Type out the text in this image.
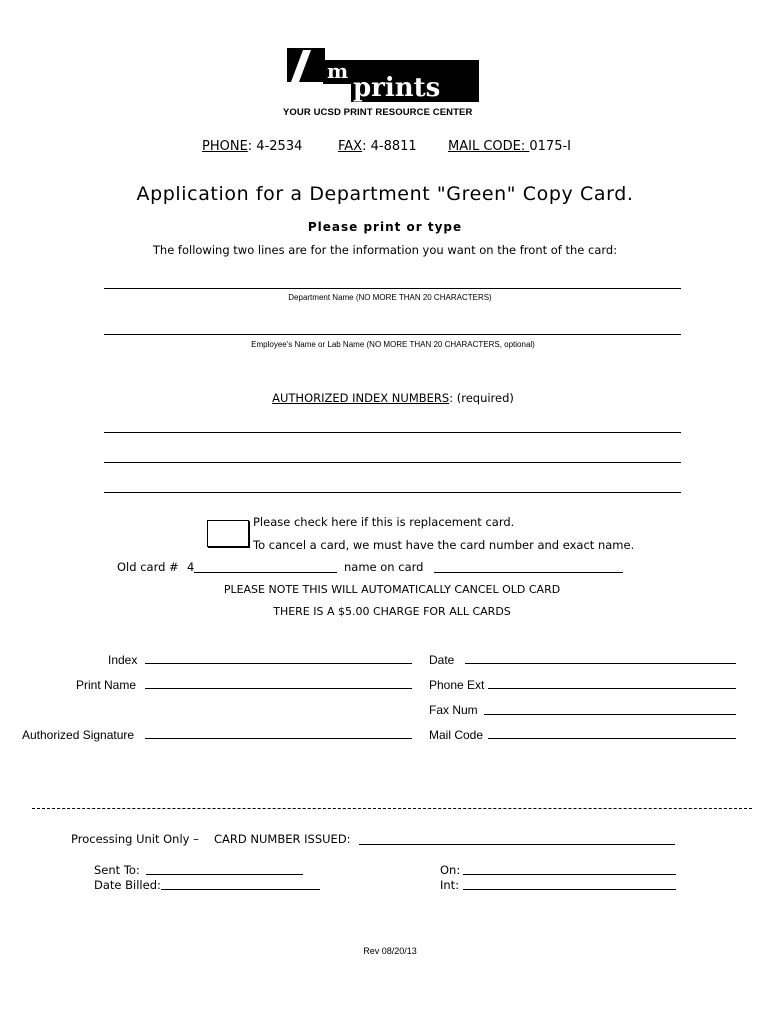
m
prints
YOUR UCSD PRINT RESOURCE CENTER
PHONE: 4-2534	FAX: 4-8811 MAIL CODE: 0175-I
Application for a Department "Green" Copy Card.
Please print or type
The following two lines are for the information you want on the front of the card:
Department Name (NO MORE THAN 20 CHARACTERS)
Employee's Name or Lab Name (NO MORE THAN 20 CHARACTERS, optional)
AUTHORIZED INDEX NUMBERS: (required)
Please check here if this is replacement card.
To cancel a card, we must have the card number and exact name.
Old card # 4	name on card
PLEASE NOTE THIS WILL AUTOMATICALLY CANCEL OLD CARD
THERE IS A $5.00 CHARGE FOR ALL CARDS
Index
Print Name
Authorized Signature
Date
Phone Ext
Fax Num
Mail Code
Processing Unit Only – CARD NUMBER ISSUED:
Sent To:
Date Billed:
On:
Int:
Rev 08/20/13
